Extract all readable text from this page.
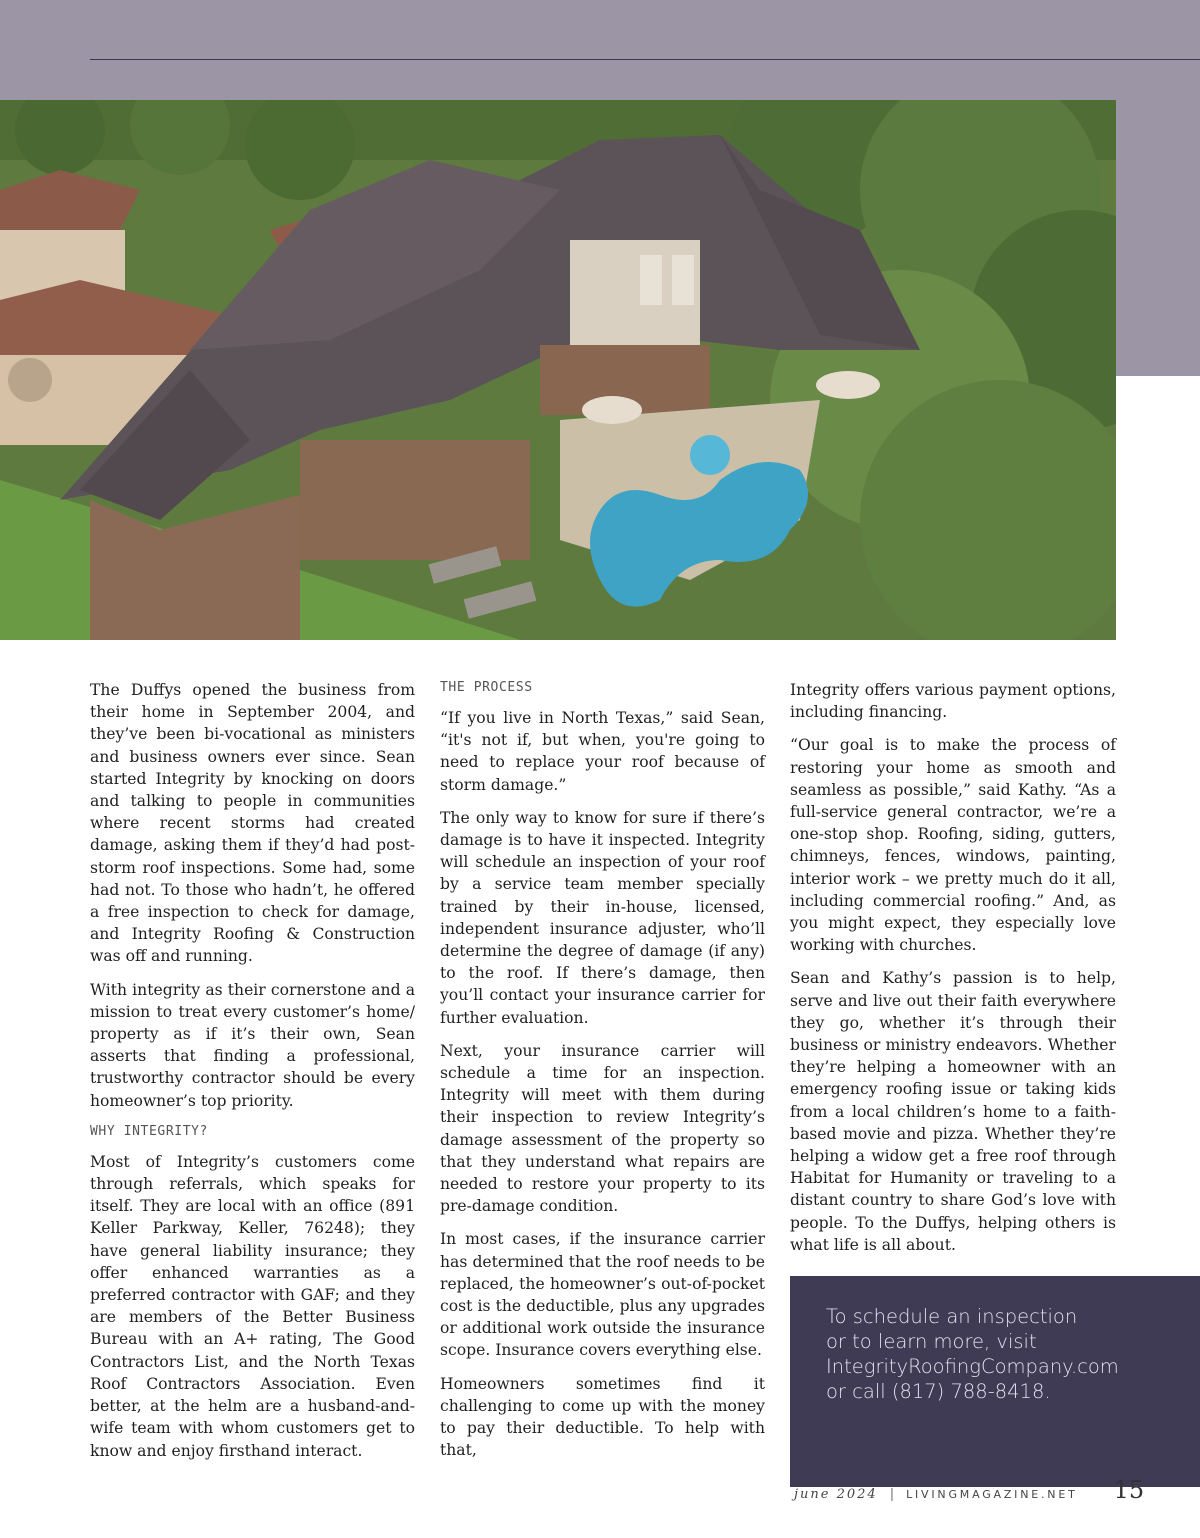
The Duffys opened the business from their home in September 2004, and they’ve been bi-vocational as ministers and business owners ever since. Sean started Integrity by knocking on doors and talking to people in communities where recent storms had created damage, asking them if they’d had post-storm roof inspections. Some had, some had not. To those who hadn’t, he offered a free inspection to check for damage, and Integrity Roofing & Construction was off and running.

With integrity as their cornerstone and a mission to treat every customer’s home/ property as if it’s their own, Sean asserts that finding a professional, trustworthy contractor should be every homeowner’s top priority.

WHY INTEGRITY?

Most of Integrity’s customers come through referrals, which speaks for itself. They are local with an office (891 Keller Parkway, Keller, 76248); they have general liability insurance; they offer enhanced warranties as a preferred contractor with GAF; and they are members of the Better Business Bureau with an A+ rating, The Good Contractors List, and the North Texas Roof Contractors Association. Even better, at the helm are a husband-and-wife team with whom customers get to know and enjoy firsthand interact.

THE PROCESS

“If you live in North Texas,” said Sean, “it's not if, but when, you're going to need to replace your roof because of storm damage.”

The only way to know for sure if there’s damage is to have it inspected. Integrity will schedule an inspection of your roof by a service team member specially trained by their in-house, licensed, independent insurance adjuster, who’ll determine the degree of damage (if any) to the roof. If there’s damage, then you’ll contact your insurance carrier for further evaluation.

Next, your insurance carrier will schedule a time for an inspection. Integrity will meet with them during their inspection to review Integrity’s damage assessment of the property so that they understand what repairs are needed to restore your property to its pre-damage condition.

In most cases, if the insurance carrier has determined that the roof needs to be replaced, the homeowner’s out-of-pocket cost is the deductible, plus any upgrades or additional work outside the insurance scope. Insurance covers everything else.

Homeowners sometimes find it challenging to come up with the money to pay their deductible. To help with that,

Integrity offers various payment options, including financing.

“Our goal is to make the process of restoring your home as smooth and seamless as possible,” said Kathy. “As a full-service general contractor, we’re a one-stop shop. Roofing, siding, gutters, chimneys, fences, windows, painting, interior work – we pretty much do it all, including commercial roofing.” And, as you might expect, they especially love working with churches.

Sean and Kathy’s passion is to help, serve and live out their faith everywhere they go, whether it’s through their business or ministry endeavors. Whether they’re helping a homeowner with an emergency roofing issue or taking kids from a local children’s home to a faith-based movie and pizza. Whether they’re helping a widow get a free roof through Habitat for Humanity or traveling to a distant country to share God’s love with people. To the Duffys, helping others is what life is all about.

To schedule an inspection
or to learn more, visit
IntegrityRoofingCompany.com
or call (817) 788-8418.
june 2024 | LIVINGMAGAZINE.NET 15
